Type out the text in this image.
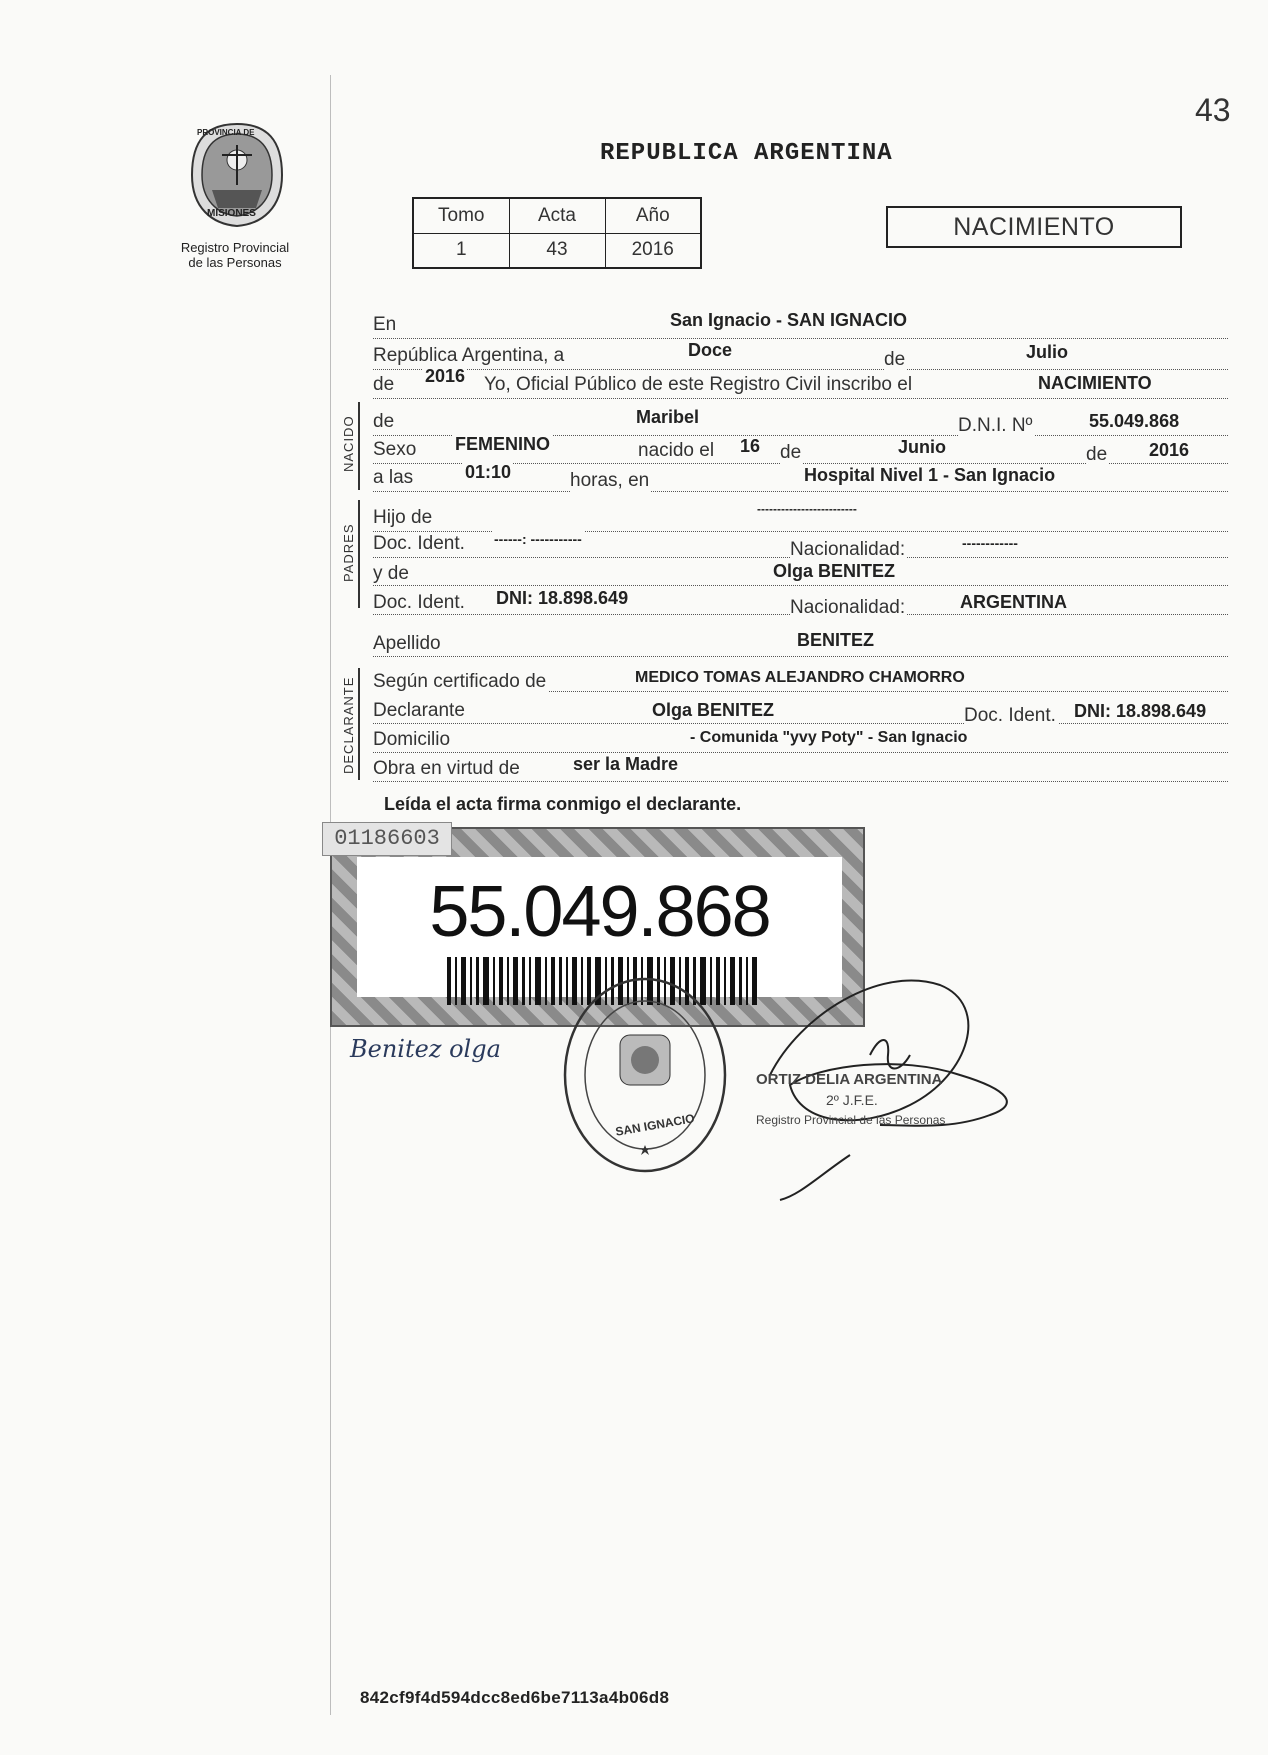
43
Registro Provincial
de las Personas
PROVINCIA DE
MISIONES
REPUBLICA ARGENTINA
Tomo	Acta	Año
1	43	2016
NACIMIENTO
En	San Ignacio - SAN IGNACIO
República Argentina, a	Doce	de	Julio
de 2016 Yo, Oficial Público de este Registro Civil inscribo el	NACIMIENTO
NACIDO de	Maribel	D.N.I. Nº	55.049.868
Sexo FEMENINO	nacido el 16 de	Junio	de 2016
a las	01:10	horas, en	Hospital Nivel 1 - San Ignacio
PADRES
Hijo de	-------------------------
Doc. Ident. ------: -----------	Nacionalidad:	------------
y de	Olga BENITEZ
Doc. Ident. DNI: 18.898.649	Nacionalidad:	ARGENTINA
Apellido	BENITEZ
DECLARANTE Según certificado de	MEDICO TOMAS ALEJANDRO CHAMORRO
Declarante	Olga BENITEZ	Doc. Ident. DNI: 18.898.649
Domicilio	- Comunida "yvy Poty" - San Ignacio
Obra en virtud de	ser la Madre
Leída el acta firma conmigo el declarante.
55.049.868
01186603
Benitez olga
SAN IGNACIO
ORTIZ DELIA ARGENTINA
2º J.F.E.
Registro Provincial de las Personas
842cf9f4d594dcc8ed6be7113a4b06d8
